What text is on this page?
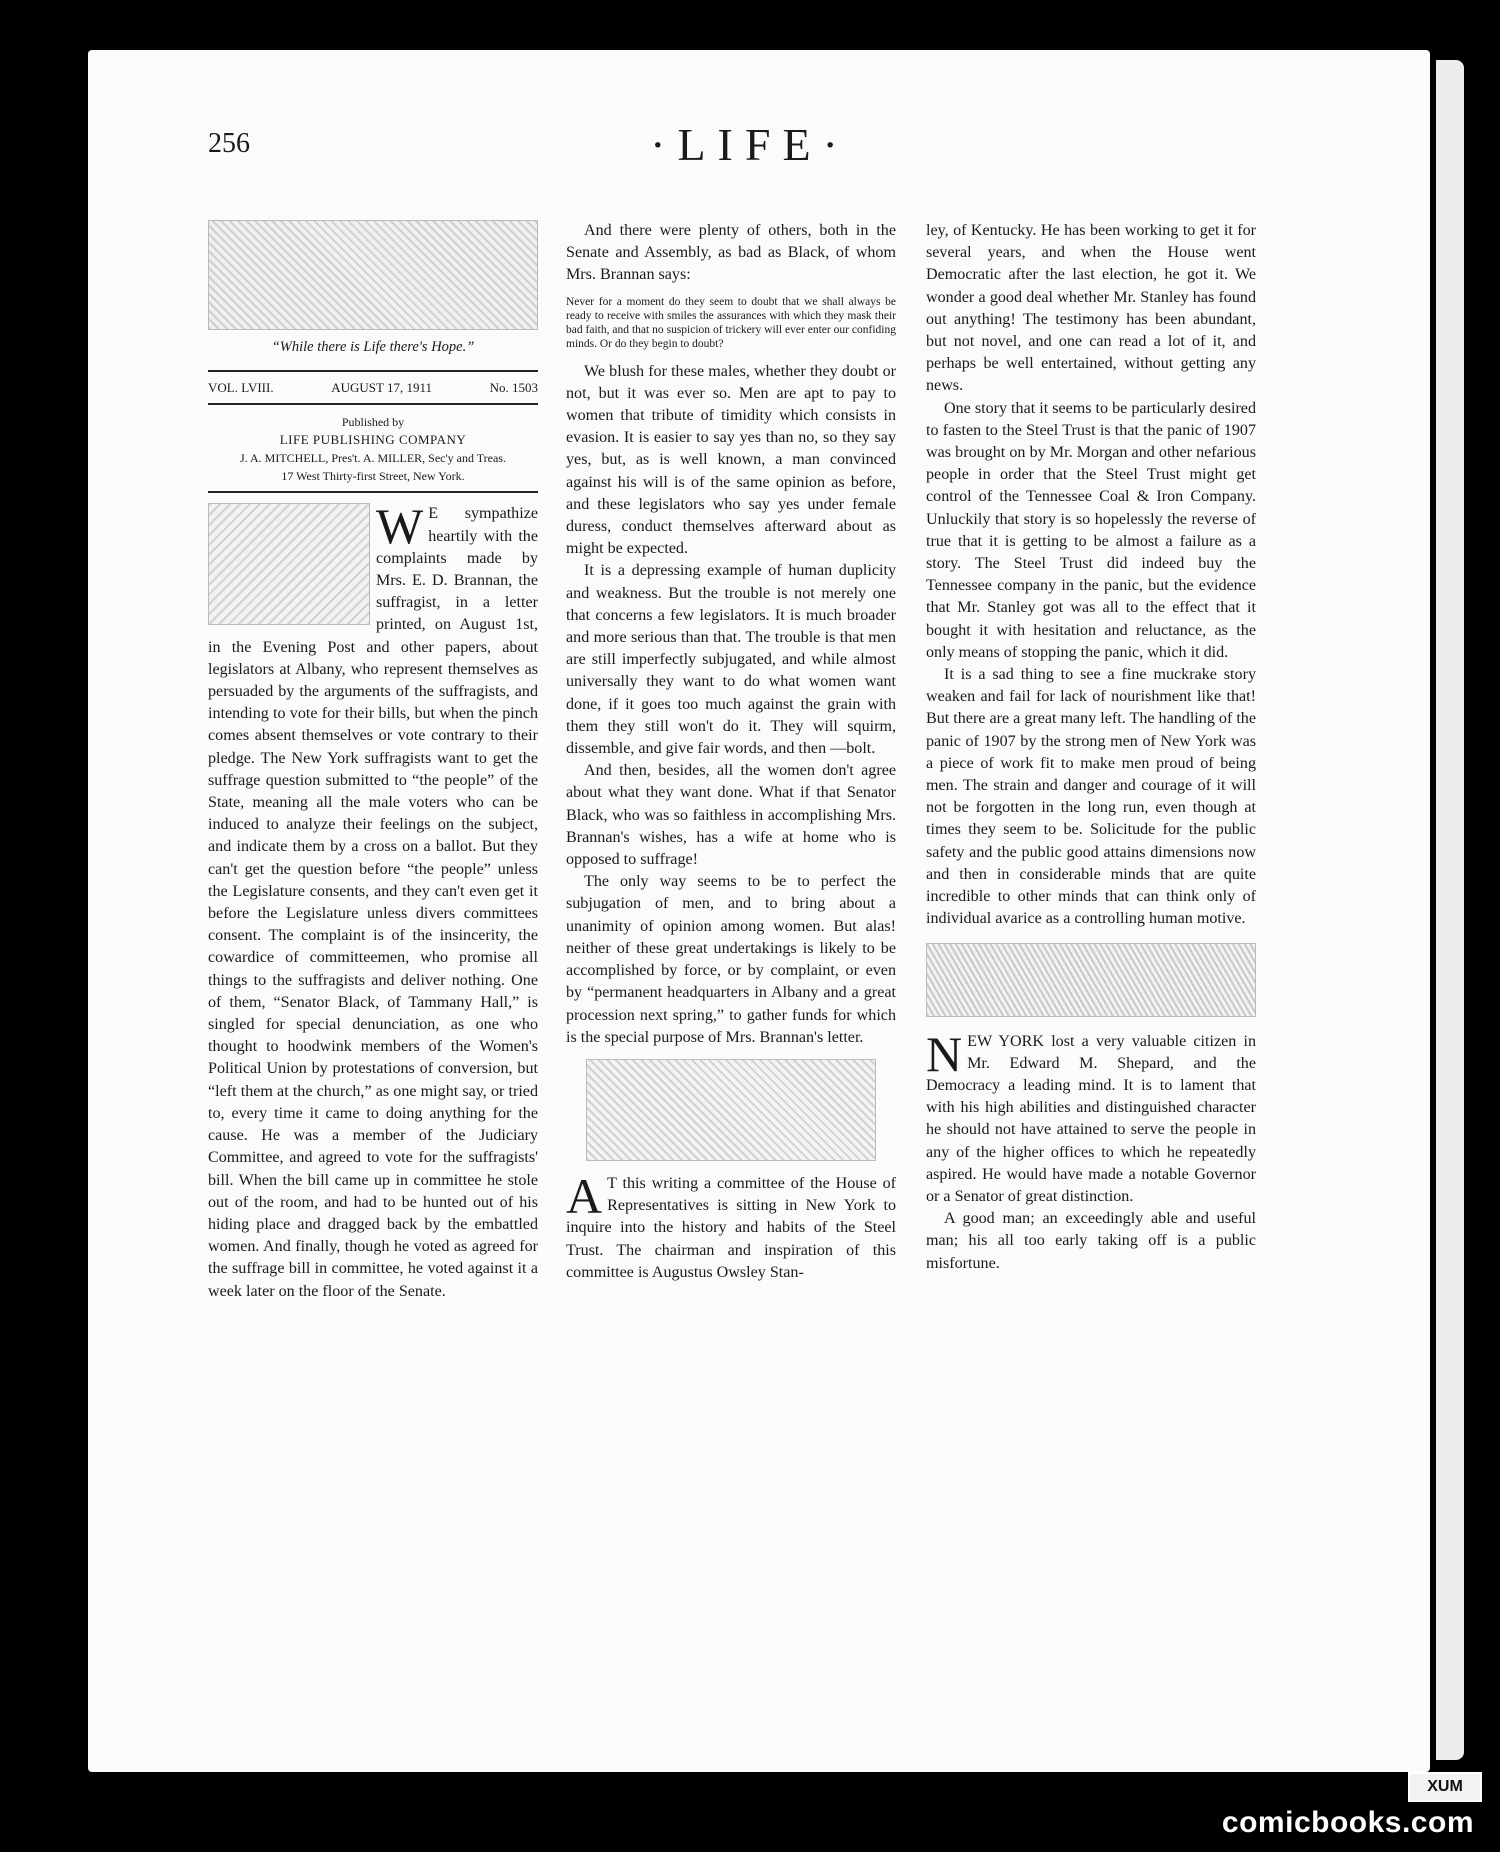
256	·LIFE·
“While there is Life there's Hope.”
VOL. LVIII.	AUGUST 17, 1911	No. 1503
Published by
LIFE PUBLISHING COMPANY
J. A. MITCHELL, Pres't. A. MILLER, Sec'y and Treas.
17 West Thirty-first Street, New York.

W E sympathize heartily with the complaints made by Mrs. E. D. Brannan, the suffragist, in a letter printed, on August 1st, in the Evening Post and other papers, about legislators at Albany, who represent themselves as persuaded by the arguments of the suffragists, and intending to vote for their bills, but when the pinch comes absent themselves or vote contrary to their pledge. The New York suffragists want to get the suffrage question submitted to “the people” of the State, meaning all the male voters who can be induced to analyze their feelings on the subject, and indicate them by a cross on a ballot. But they can't get the question before “the people” unless the Legislature consents, and they can't even get it before the Legislature unless divers committees consent. The complaint is of the insincerity, the cowardice of committeemen, who promise all things to the suffragists and deliver nothing. One of them, “Senator Black, of Tammany Hall,” is singled for special denunciation, as one who thought to hoodwink members of the Women's Political Union by protestations of conversion, but “left them at the church,” as one might say, or tried to, every time it came to doing anything for the cause. He was a member of the Judiciary Committee, and agreed to vote for the suffragists' bill. When the bill came up in committee he stole out of the room, and had to be hunted out of his hiding place and dragged back by the embattled women. And finally, though he voted as agreed for the suffrage bill in committee, he voted against it a week later on the floor of the Senate.

And there were plenty of others, both in the Senate and Assembly, as bad as Black, of whom Mrs. Brannan says:

Never for a moment do they seem to doubt that we shall always be ready to receive with smiles the assurances with which they mask their bad faith, and that no suspicion of trickery will ever enter our confiding minds. Or do they begin to doubt?

We blush for these males, whether they doubt or not, but it was ever so. Men are apt to pay to women that tribute of timidity which consists in evasion. It is easier to say yes than no, so they say yes, but, as is well known, a man convinced against his will is of the same opinion as before, and these legislators who say yes under female duress, conduct themselves afterward about as might be expected.

It is a depressing example of human duplicity and weakness. But the trouble is not merely one that concerns a few legislators. It is much broader and more serious than that. The trouble is that men are still imperfectly subjugated, and while almost universally they want to do what women want done, if it goes too much against the grain with them they still won't do it. They will squirm, dissemble, and give fair words, and then —bolt.

And then, besides, all the women don't agree about what they want done. What if that Senator Black, who was so faithless in accomplishing Mrs. Brannan's wishes, has a wife at home who is opposed to suffrage!

The only way seems to be to perfect the subjugation of men, and to bring about a unanimity of opinion among women. But alas! neither of these great undertakings is likely to be accomplished by force, or by complaint, or even by “permanent headquarters in Albany and a great procession next spring,” to gather funds for which is the special purpose of Mrs. Brannan's letter.

A T this writing a committee of the House of Representatives is sitting in New York to inquire into the history and habits of the Steel Trust. The chairman and inspiration of this committee is Augustus Owsley Stan-

ley, of Kentucky. He has been working to get it for several years, and when the House went Democratic after the last election, he got it. We wonder a good deal whether Mr. Stanley has found out anything! The testimony has been abundant, but not novel, and one can read a lot of it, and perhaps be well entertained, without getting any news.

One story that it seems to be particularly desired to fasten to the Steel Trust is that the panic of 1907 was brought on by Mr. Morgan and other nefarious people in order that the Steel Trust might get control of the Tennessee Coal & Iron Company. Unluckily that story is so hopelessly the reverse of true that it is getting to be almost a failure as a story. The Steel Trust did indeed buy the Tennessee company in the panic, but the evidence that Mr. Stanley got was all to the effect that it bought it with hesitation and reluctance, as the only means of stopping the panic, which it did.

It is a sad thing to see a fine muckrake story weaken and fail for lack of nourishment like that! But there are a great many left. The handling of the panic of 1907 by the strong men of New York was a piece of work fit to make men proud of being men. The strain and danger and courage of it will not be forgotten in the long run, even though at times they seem to be. Solicitude for the public safety and the public good attains dimensions now and then in considerable minds that are quite incredible to other minds that can think only of individual avarice as a controlling human motive.

NEW YORK lost a very valuable citizen in Mr. Edward M. Shepard, and the Democracy a leading mind. It is to lament that with his high abilities and distinguished character he should not have attained to serve the people in any of the higher offices to which he repeatedly aspired. He would have made a notable Governor or a Senator of great distinction.

A good man; an exceedingly able and useful man; his all too early taking off is a public misfortune.

XUM
comicbooks.com
